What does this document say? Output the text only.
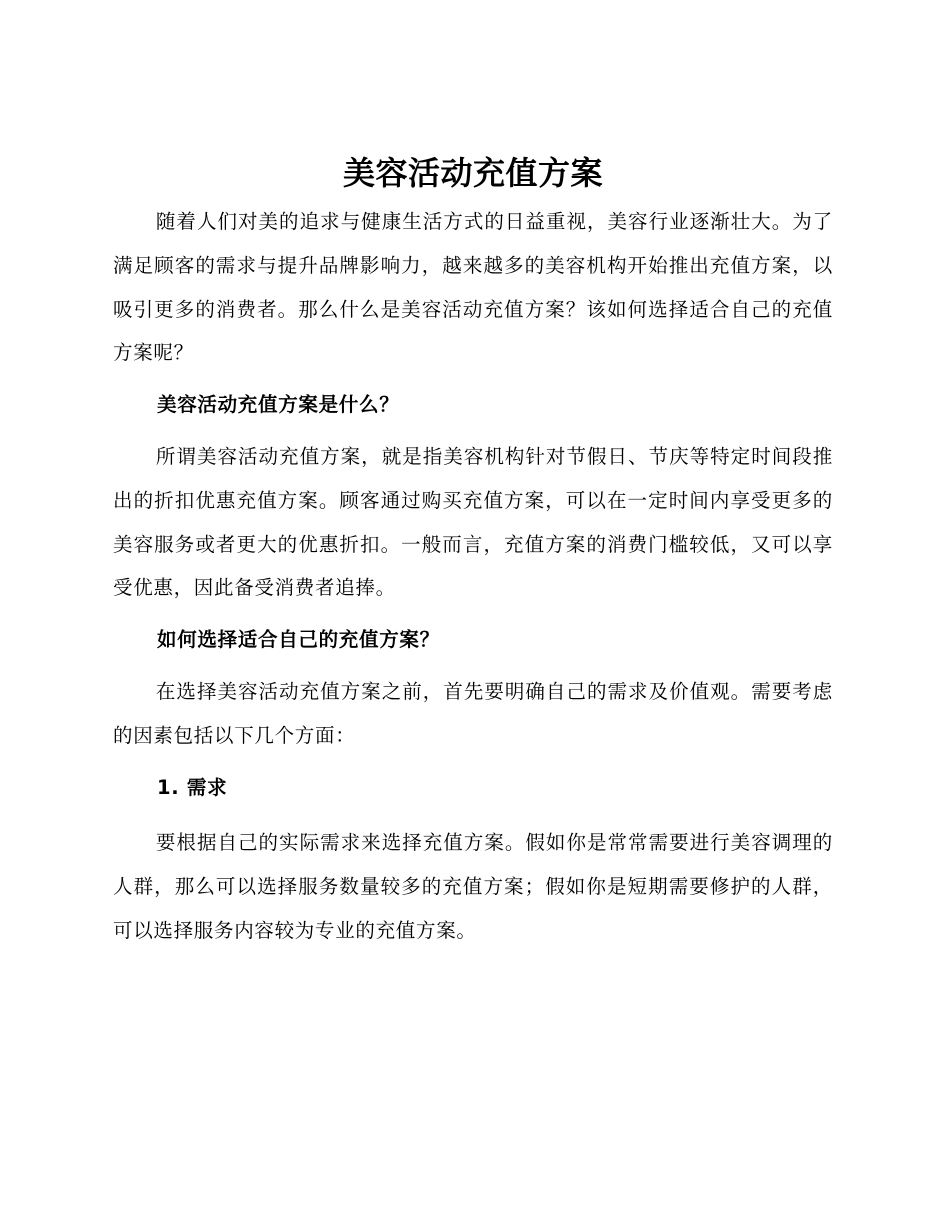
美容活动充值方案

随着人们对美的追求与健康生活方式的日益重视，美容行业逐渐壮大。为了满足顾客的需求与提升品牌影响力，越来越多的美容机构开始推出充值方案，以吸引更多的消费者。那么什么是美容活动充值方案？该如何选择适合自己的充值方案呢？

美容活动充值方案是什么？

所谓美容活动充值方案，就是指美容机构针对节假日、节庆等特定时间段推出的折扣优惠充值方案。顾客通过购买充值方案，可以在一定时间内享受更多的美容服务或者更大的优惠折扣。一般而言，充值方案的消费门槛较低，又可以享受优惠，因此备受消费者追捧。

如何选择适合自己的充值方案？

在选择美容活动充值方案之前，首先要明确自己的需求及价值观。需要考虑的因素包括以下几个方面：

1. 需求

要根据自己的实际需求来选择充值方案。假如你是常常需要进行美容调理的人群，那么可以选择服务数量较多的充值方案；假如你是短期需要修护的人群，可以选择服务内容较为专业的充值方案。
